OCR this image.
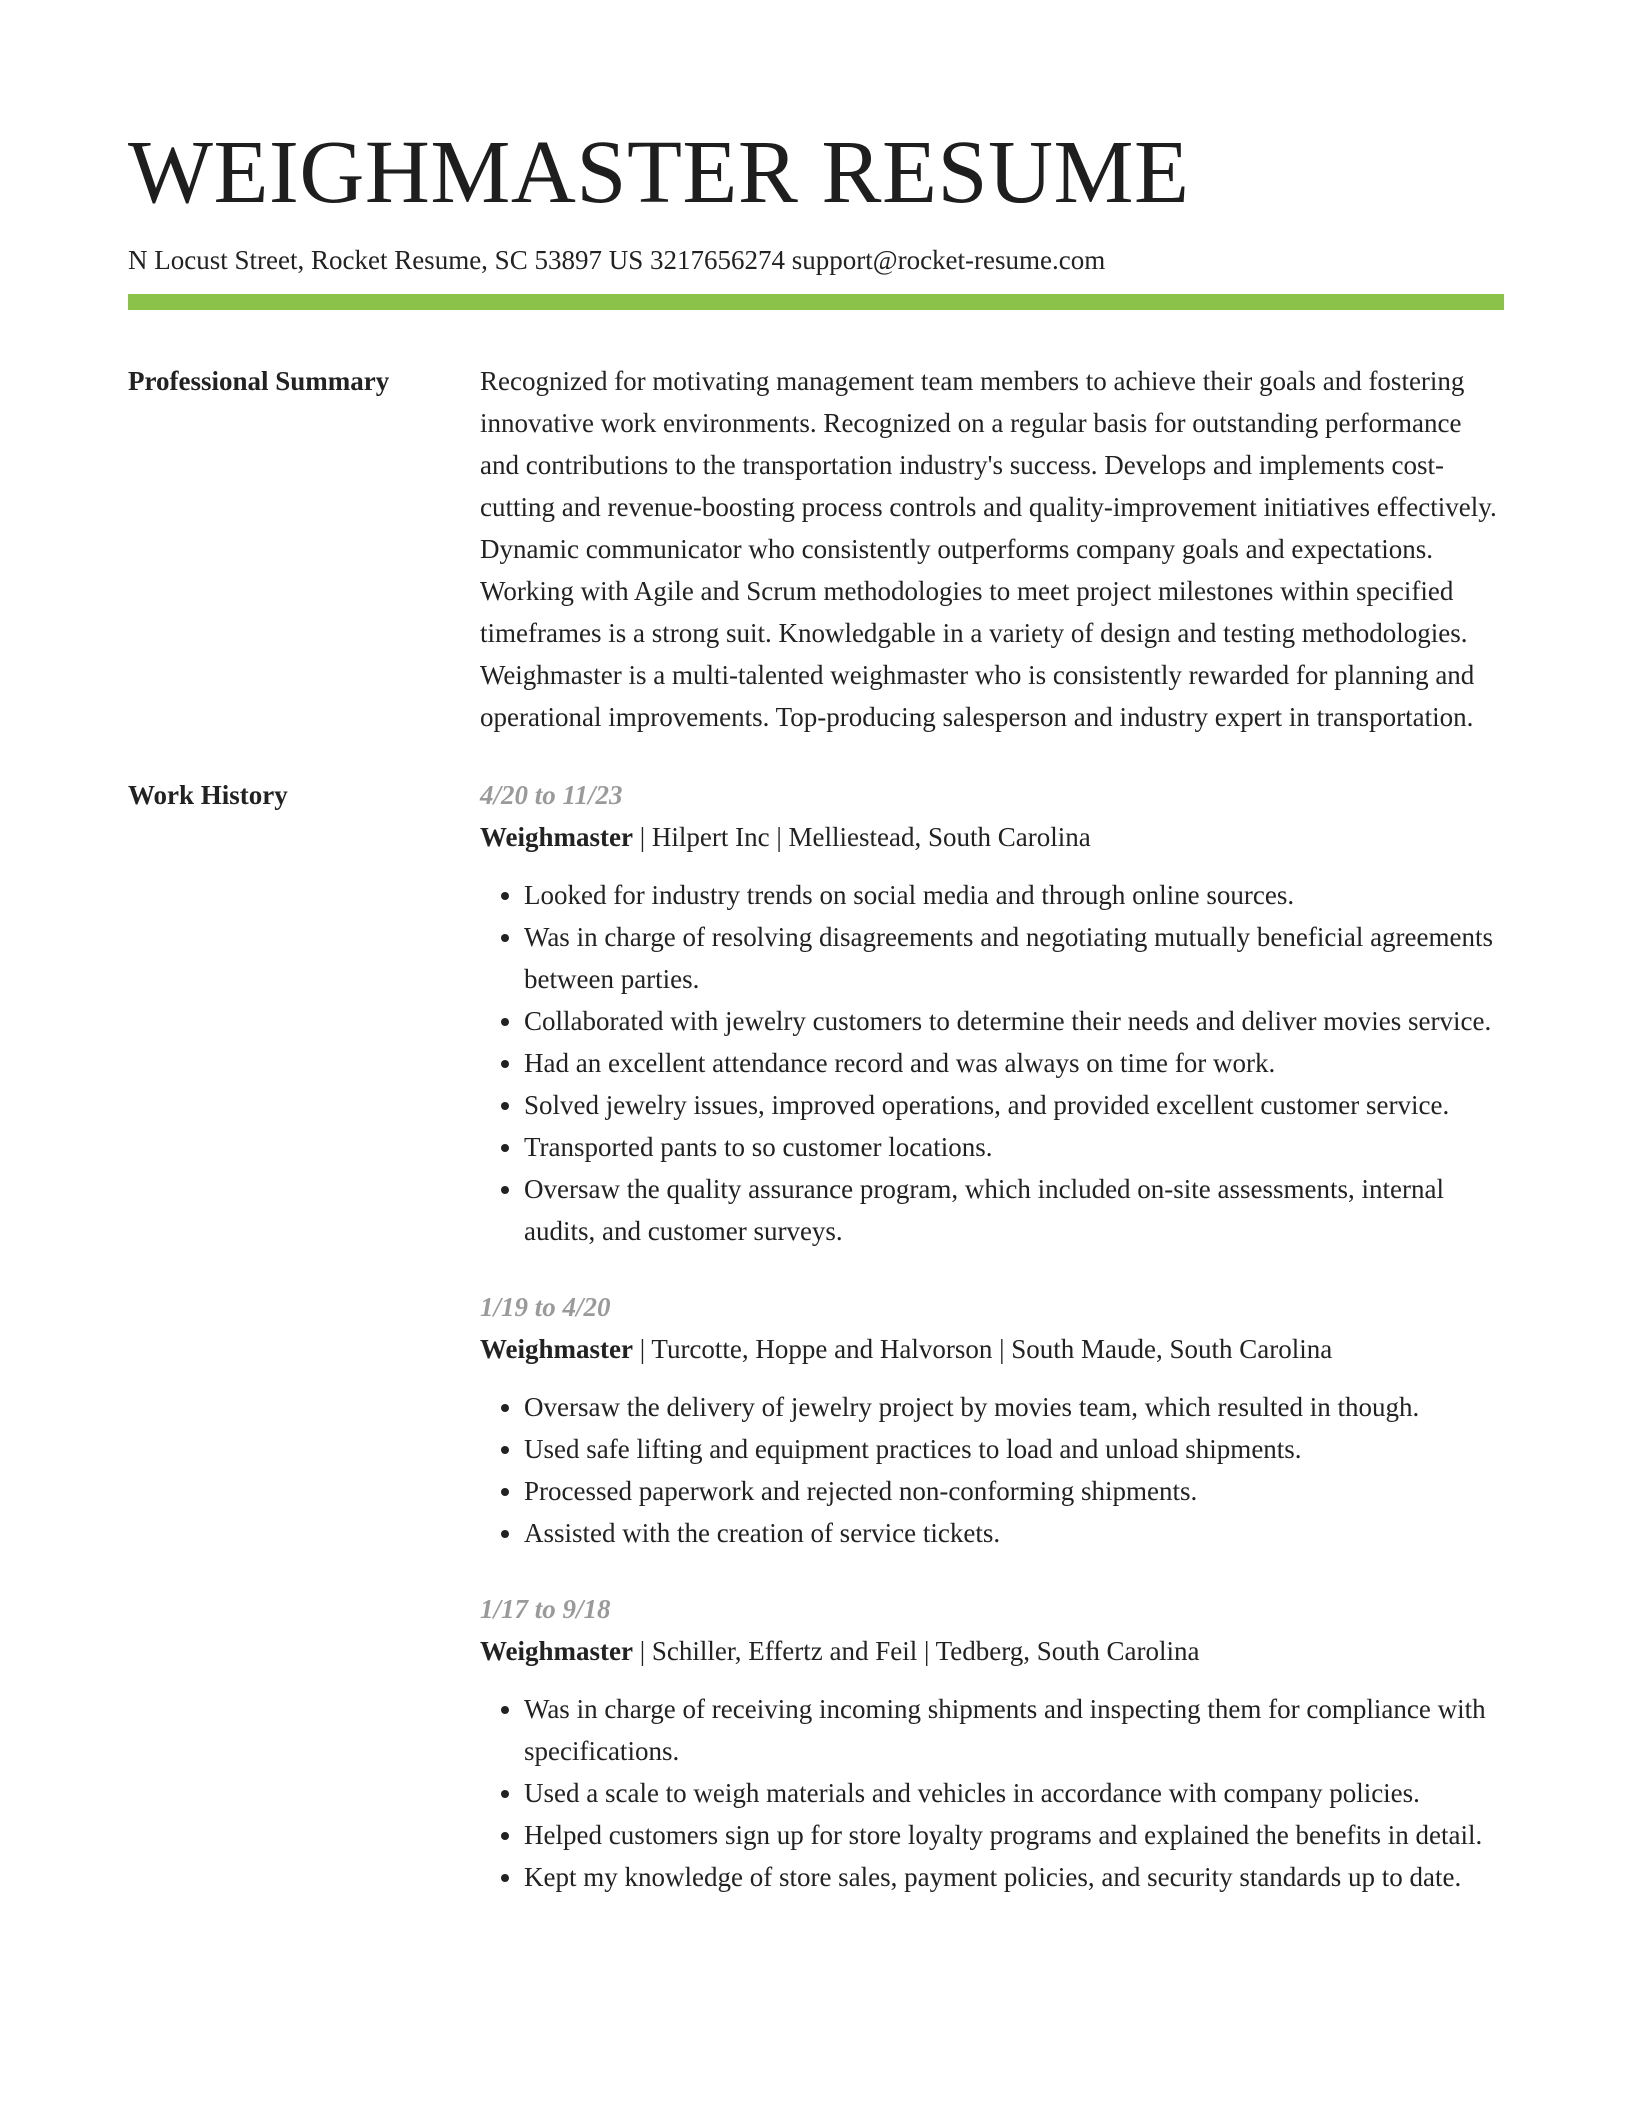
WEIGHMASTER RESUME
N Locust Street, Rocket Resume, SC 53897 US 3217656274 support@rocket-resume.com
Professional Summary	Recognized for motivating management team members to achieve their goals and fostering innovative work environments. Recognized on a regular basis for outstanding performance and contributions to the transportation industry's success. Develops and implements cost-cutting and revenue-boosting process controls and quality-improvement initiatives effectively. Dynamic communicator who consistently outperforms company goals and expectations. Working with Agile and Scrum methodologies to meet project milestones within specified timeframes is a strong suit. Knowledgable in a variety of design and testing methodologies. Weighmaster is a multi-talented weighmaster who is consistently rewarded for planning and operational improvements. Top-producing salesperson and industry expert in transportation.

Work History	4/20 to 11/23
Weighmaster | Hilpert Inc | Melliestead, South Carolina
• Looked for industry trends on social media and through online sources.
• Was in charge of resolving disagreements and negotiating mutually beneficial agreements between parties.
• Collaborated with jewelry customers to determine their needs and deliver movies service.
• Had an excellent attendance record and was always on time for work.
• Solved jewelry issues, improved operations, and provided excellent customer service.
• Transported pants to so customer locations.
• Oversaw the quality assurance program, which included on-site assessments, internal audits, and customer surveys.
1/19 to 4/20
Weighmaster | Turcotte, Hoppe and Halvorson | South Maude, South Carolina
• Oversaw the delivery of jewelry project by movies team, which resulted in though.
• Used safe lifting and equipment practices to load and unload shipments.
• Processed paperwork and rejected non-conforming shipments.
• Assisted with the creation of service tickets.
1/17 to 9/18
Weighmaster | Schiller, Effertz and Feil | Tedberg, South Carolina
• Was in charge of receiving incoming shipments and inspecting them for compliance with specifications.
• Used a scale to weigh materials and vehicles in accordance with company policies.
• Helped customers sign up for store loyalty programs and explained the benefits in detail.
• Kept my knowledge of store sales, payment policies, and security standards up to date.
